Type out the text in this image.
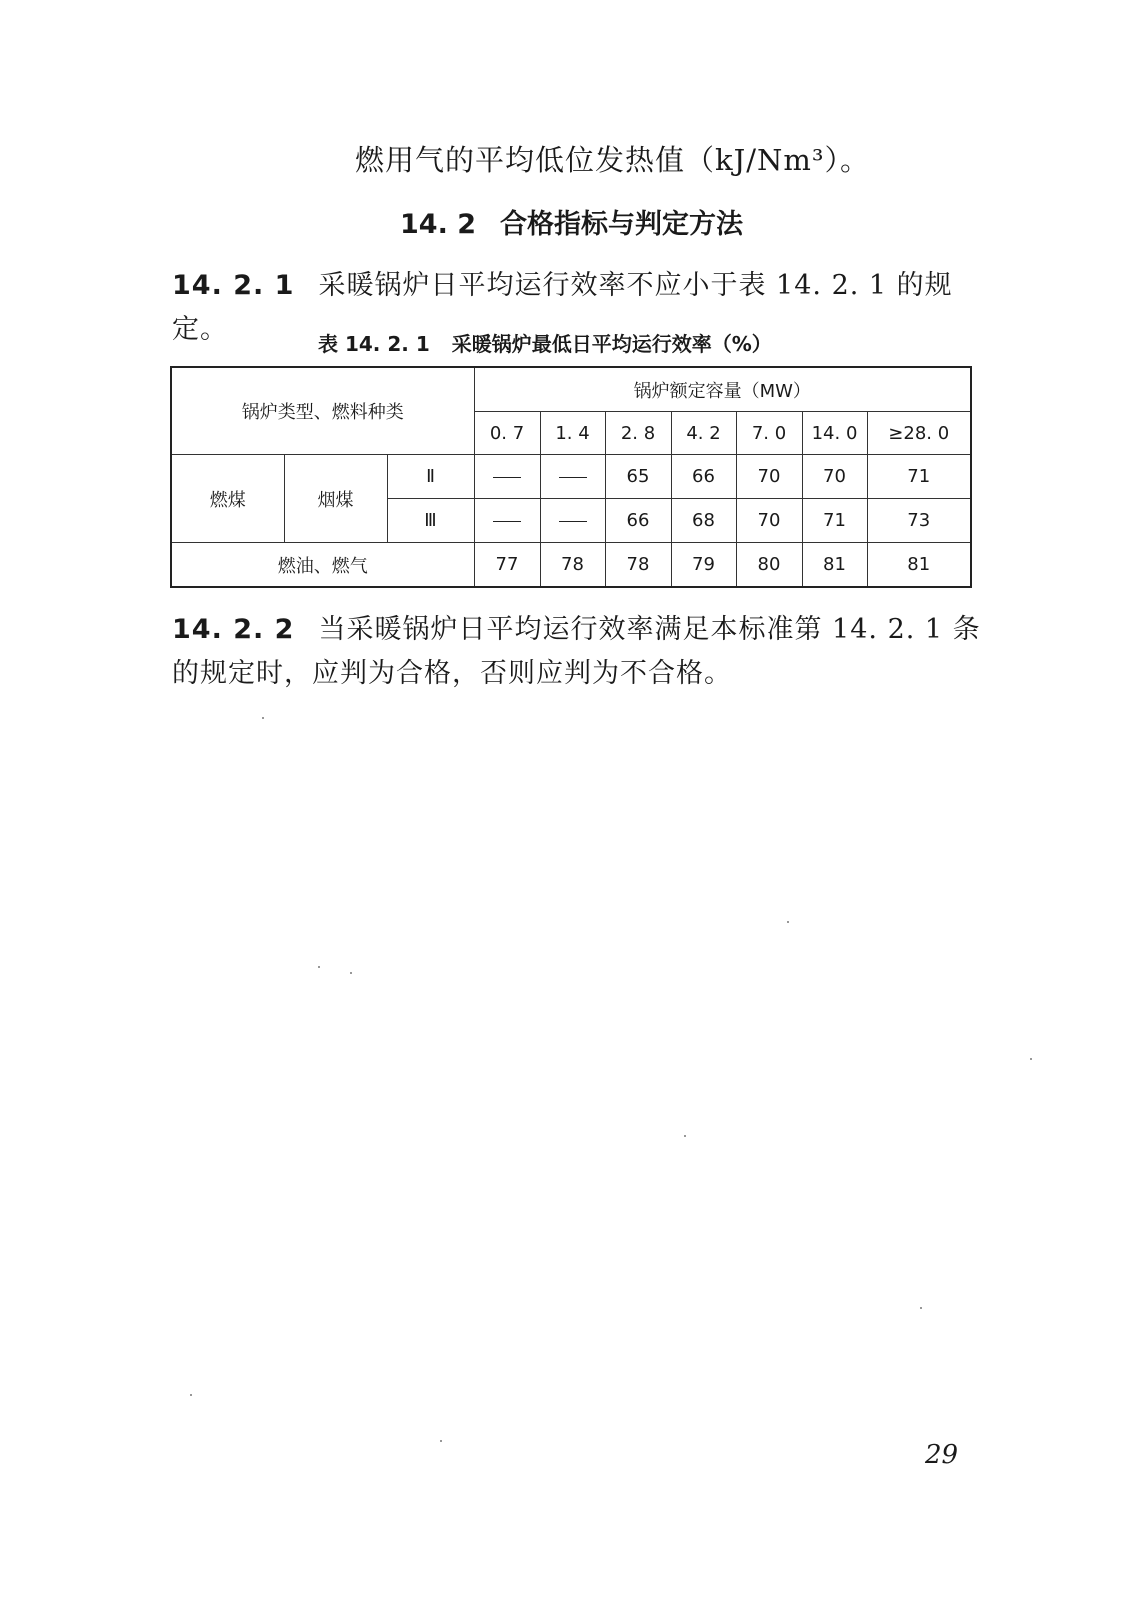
燃用气的平均低位发热值（kJ/Nm³）。
14. 2 合格指标与判定方法
14. 2. 1 采暖锅炉日平均运行效率不应小于表 14. 2. 1 的规定。	表 14. 2. 1 采暖锅炉最低日平均运行效率（%）
锅炉类型、燃料种类			锅炉额定容量（MW）						
			0. 7	1. 4	2. 8	4. 2	7. 0	14. 0	≥28. 0
燃煤	烟煤	Ⅱ			65	66	70	70	71
		Ⅲ			66	68	70	71	73
燃油、燃气			77	78	78	79	80	81	81
14. 2. 2 当采暖锅炉日平均运行效率满足本标准第 14. 2. 1 条的规定时，应判为合格，否则应判为不合格。
29
